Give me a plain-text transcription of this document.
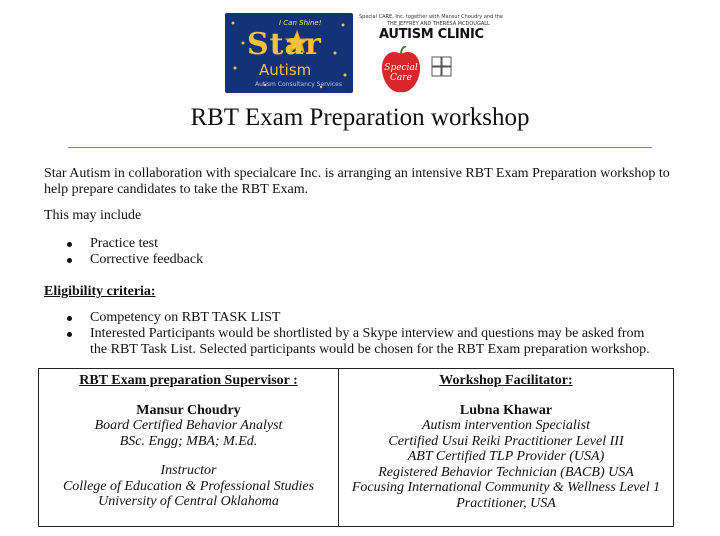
I Can Shine!
Star
Autism
Autism Consultancy Services
Special CARE, Inc. together with Mansur Choudry and the
THE JEFFREY AND THERESA MCDOUGALL
AUTISM CLINIC
Special
Care
RBT Exam Preparation workshop
Star Autism in collaboration with specialcare Inc. is arranging an intensive RBT Exam Preparation workshop to help prepare candidates to take the RBT Exam.
This may include
Practice test
Corrective feedback
Eligibility criteria:
Competency on RBT TASK LIST
Interested Participants would be shortlisted by a Skype interview and questions may be asked from the RBT Task List. Selected participants would be chosen for the RBT Exam preparation workshop.
RBT Exam preparation Supervisor :
Mansur Choudry
Board Certified Behavior Analyst
BSc. Engg; MBA; M.Ed.
Instructor
College of Education & Professional Studies
University of Central Oklahoma
Workshop Facilitator:
Lubna Khawar
Autism intervention Specialist
Certified Usui Reiki Practitioner Level III
ABT Certified TLP Provider (USA)
Registered Behavior Technician (BACB) USA
Focusing International Community & Wellness Level 1
Practitioner, USA
